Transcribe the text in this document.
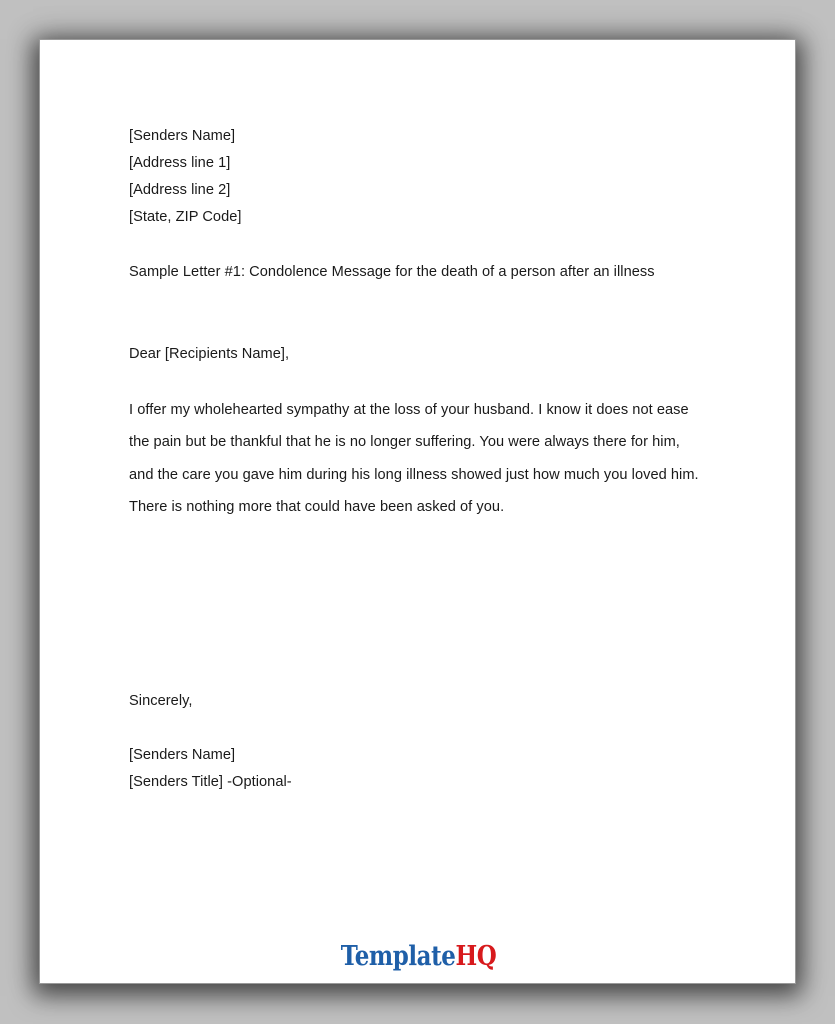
[Senders Name]
[Address line 1]
[Address line 2]
[State, ZIP Code]
Sample Letter #1: Condolence Message for the death of a person after an illness
Dear [Recipients Name],
I offer my wholehearted sympathy at the loss of your husband. I know it does not ease
the pain but be thankful that he is no longer suffering. You were always there for him,
and the care you gave him during his long illness showed just how much you loved him.
There is nothing more that could have been asked of you.
Sincerely,
[Senders Name]
[Senders Title] -Optional-
TemplateHQ
